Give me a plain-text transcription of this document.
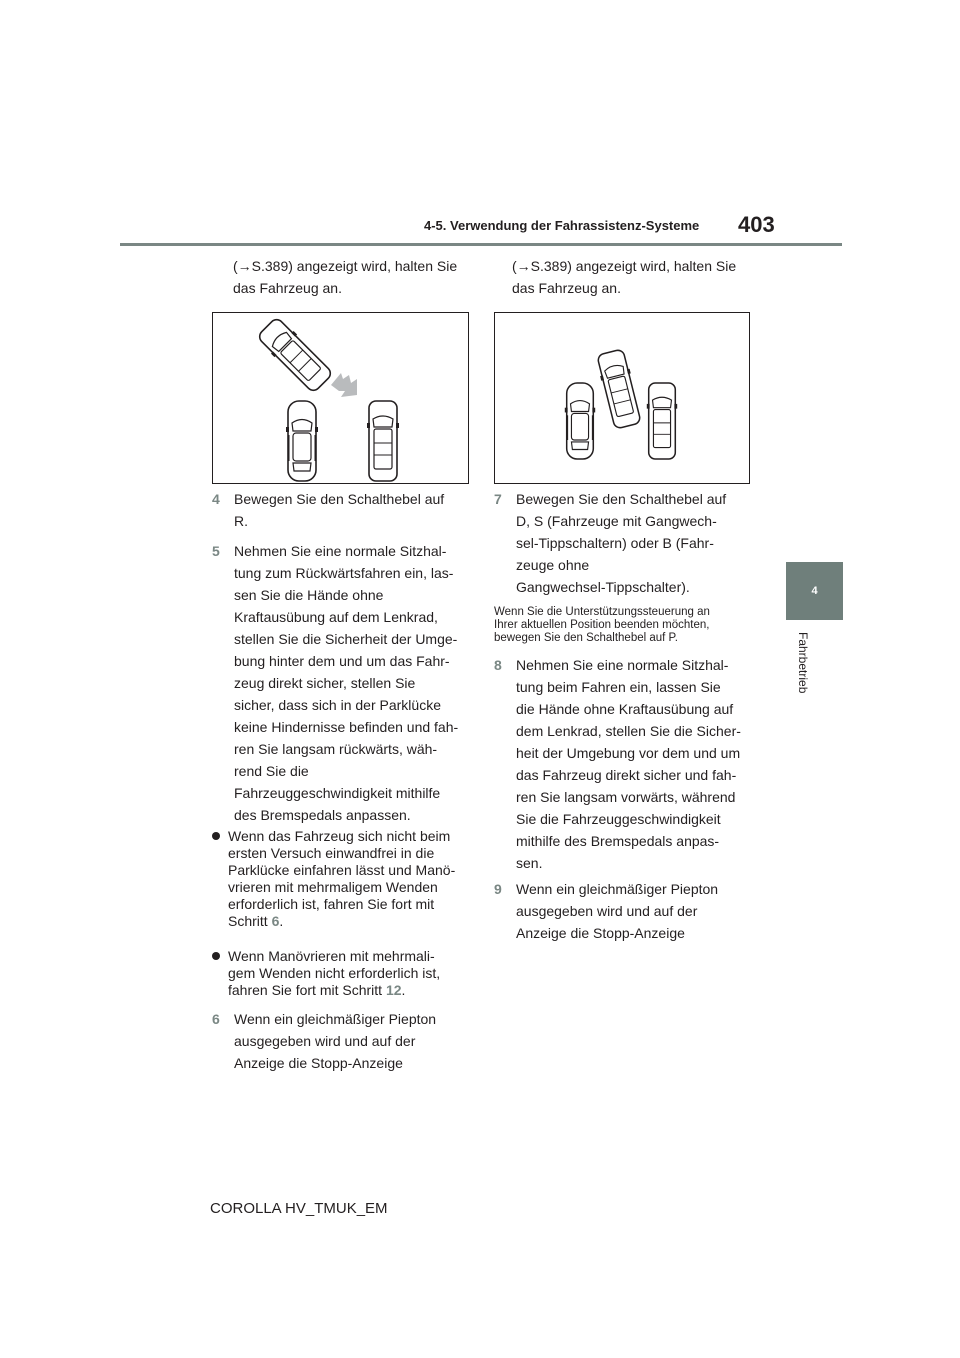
4-5. Verwendung der Fahrassistenz-Systeme 403
4
Fahrbetrieb
(→S.389) angezeigt wird, halten Sie
das Fahrzeug an.
4 Bewegen Sie den Schalthebel auf
R.
5 Nehmen Sie eine normale Sitzhal-
tung zum Rückwärtsfahren ein, las-
sen Sie die Hände ohne
Kraftausübung auf dem Lenkrad,
stellen Sie die Sicherheit der Umge-
bung hinter dem und um das Fahr-
zeug direkt sicher, stellen Sie
sicher, dass sich in der Parklücke
keine Hindernisse befinden und fah-
ren Sie langsam rückwärts, wäh-
rend Sie die
Fahrzeuggeschwindigkeit mithilfe
des Bremspedals anpassen.
Wenn das Fahrzeug sich nicht beim
ersten Versuch einwandfrei in die
Parklücke einfahren lässt und Manö-
vrieren mit mehrmaligem Wenden
erforderlich ist, fahren Sie fort mit
Schritt 6.
Wenn Manövrieren mit mehrmali-
gem Wenden nicht erforderlich ist,
fahren Sie fort mit Schritt 12.
6 Wenn ein gleichmäßiger Piepton
ausgegeben wird und auf der
Anzeige die Stopp-Anzeige
(→S.389) angezeigt wird, halten Sie
das Fahrzeug an.
7 Bewegen Sie den Schalthebel auf
D, S (Fahrzeuge mit Gangwech-
sel-Tippschaltern) oder B (Fahr-
zeuge ohne
Gangwechsel-Tippschalter).
Wenn Sie die Unterstützungssteuerung an
Ihrer aktuellen Position beenden möchten,
bewegen Sie den Schalthebel auf P.
8 Nehmen Sie eine normale Sitzhal-
tung beim Fahren ein, lassen Sie
die Hände ohne Kraftausübung auf
dem Lenkrad, stellen Sie die Sicher-
heit der Umgebung vor dem und um
das Fahrzeug direkt sicher und fah-
ren Sie langsam vorwärts, während
Sie die Fahrzeuggeschwindigkeit
mithilfe des Bremspedals anpas-
sen.
9 Wenn ein gleichmäßiger Piepton
ausgegeben wird und auf der
Anzeige die Stopp-Anzeige
COROLLA HV_TMUK_EM
